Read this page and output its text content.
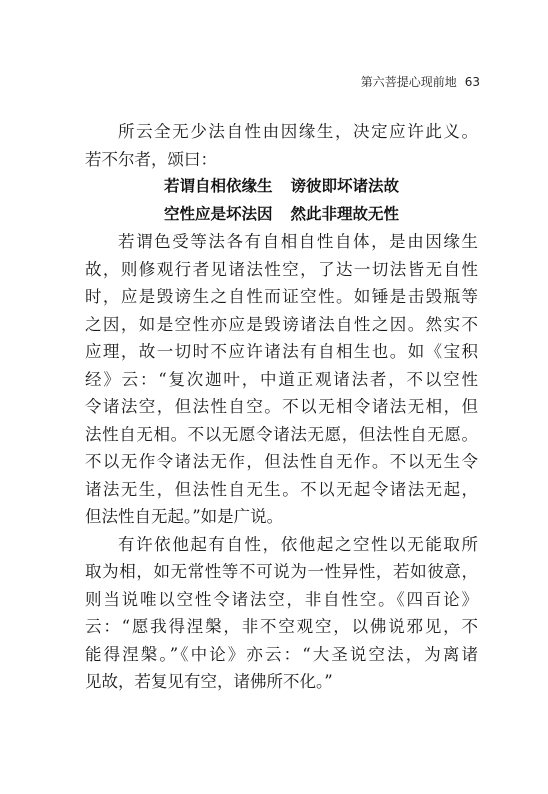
第六菩提心现前地 63
所云全无少法自性由因缘生，决定应许此义。
若不尔者，颂曰：
若谓自相依缘生 谤彼即坏诸法故
空性应是坏法因 然此非理故无性
若谓色受等法各有自相自性自体，是由因缘生
故，则修观行者见诸法性空，了达一切法皆无自性
时，应是毁谤生之自性而证空性。如锤是击毁瓶等
之因，如是空性亦应是毁谤诸法自性之因。然实不
应理，故一切时不应许诸法有自相生也。如《宝积
经》云：“复次迦叶，中道正观诸法者，不以空性
令诸法空，但法性自空。不以无相令诸法无相，但
法性自无相。不以无愿令诸法无愿，但法性自无愿。
不以无作令诸法无作，但法性自无作。不以无生令
诸法无生，但法性自无生。不以无起令诸法无起，
但法性自无起。”如是广说。
有许依他起有自性，依他起之空性以无能取所
取为相，如无常性等不可说为一性异性，若如彼意，
则当说唯以空性令诸法空，非自性空。《四百论》
云：“愿我得涅槃，非不空观空，以佛说邪见，不
能得涅槃。”《中论》亦云：“大圣说空法，为离诸
见故，若复见有空，诸佛所不化。”
